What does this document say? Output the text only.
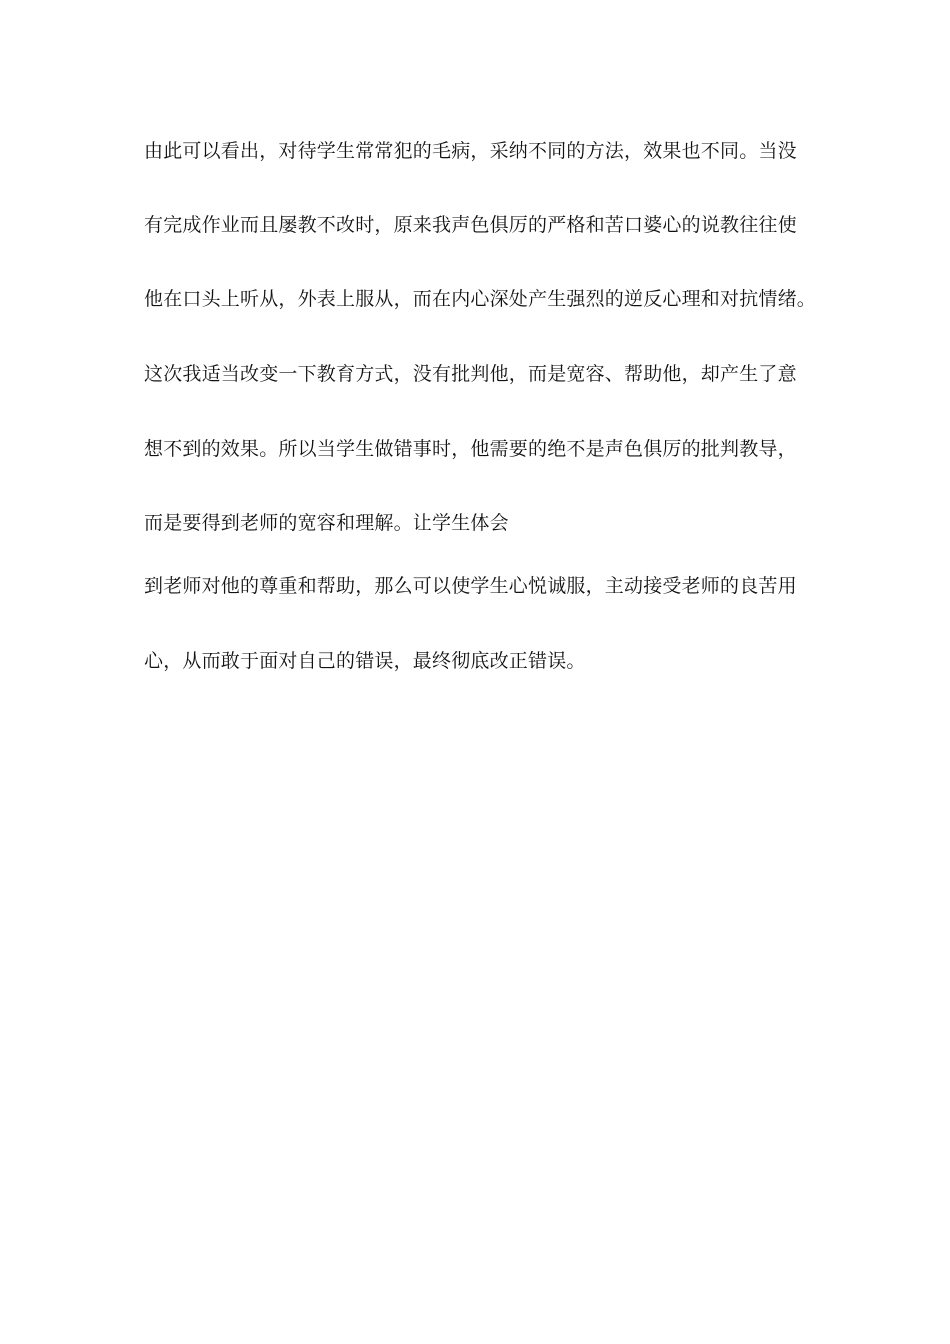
由此可以看出，对待学生常常犯的毛病，采纳不同的方法，效果也不同。当没
有完成作业而且屡教不改时，原来我声色俱厉的严格和苦口婆心的说教往往使
他在口头上听从，外表上服从，而在内心深处产生强烈的逆反心理和对抗情绪。
这次我适当改变一下教育方式，没有批判他，而是宽容、帮助他，却产生了意
想不到的效果。所以当学生做错事时，他需要的绝不是声色俱厉的批判教导，
而是要得到老师的宽容和理解。让学生体会
到老师对他的尊重和帮助，那么可以使学生心悦诚服，主动接受老师的良苦用
心，从而敢于面对自己的错误，最终彻底改正错误。
